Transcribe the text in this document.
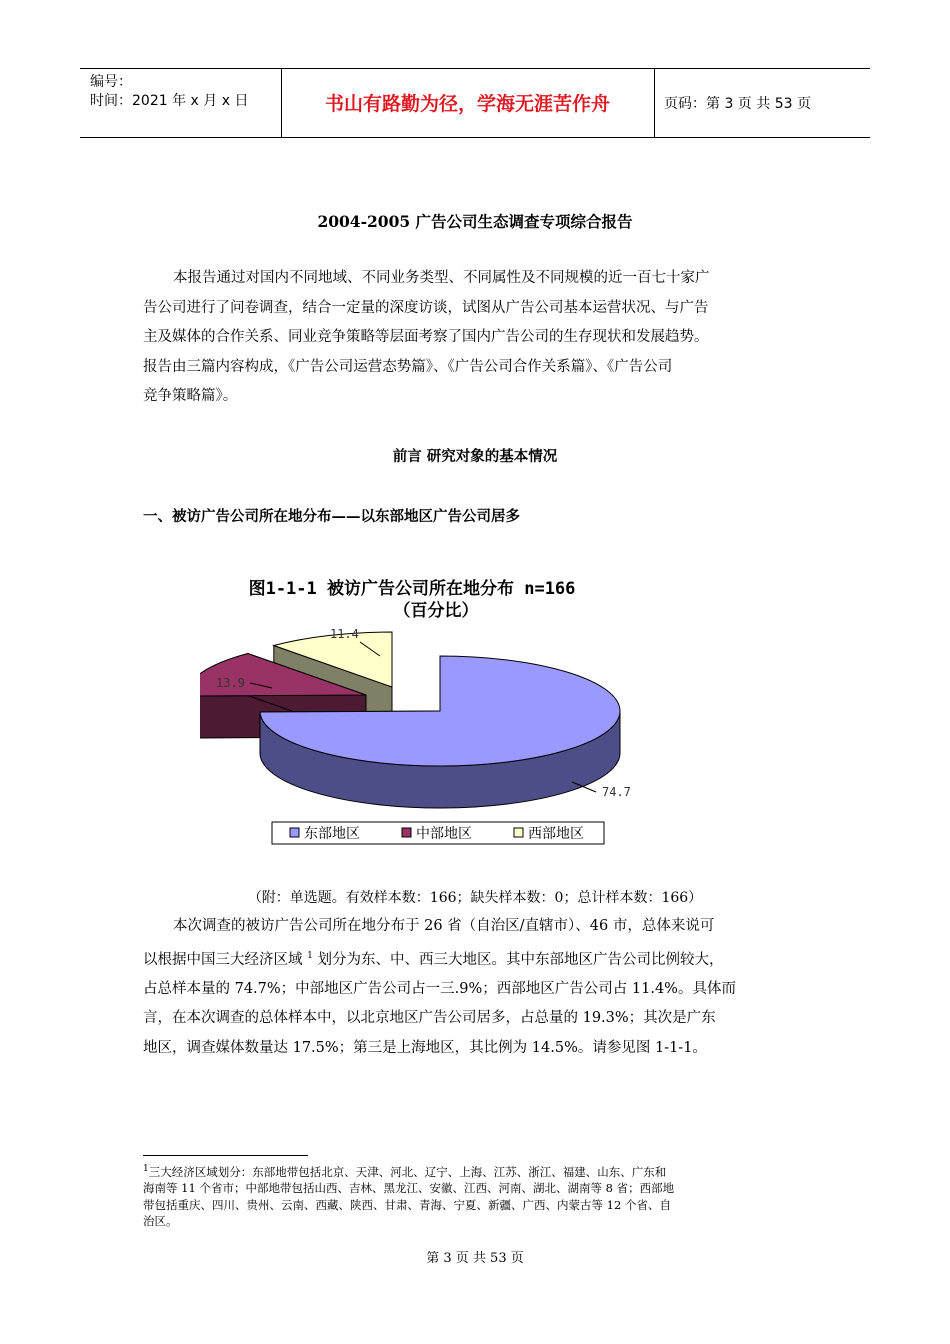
编号：
时间：2021 年 x 月 x 日	书山有路勤为径，学海无涯苦作舟	页码：第 3 页 共 53 页
2004-2005 广告公司生态调查专项综合报告
本报告通过对国内不同地域、不同业务类型、不同属性及不同规模的近一百七十家广
告公司进行了问卷调查，结合一定量的深度访谈，试图从广告公司基本运营状况、与广告
主及媒体的合作关系、同业竞争策略等层面考察了国内广告公司的生存现状和发展趋势。
报告由三篇内容构成，《广告公司运营态势篇》、《广告公司合作关系篇》、《广告公司
竞争策略篇》。
前言 研究对象的基本情况
一、被访广告公司所在地分布——以东部地区广告公司居多
图1-1-1 被访广告公司所在地分布 n=166
（百分比）
74.7
13.9
11.4
东部地区	中部地区	西部地区
（附：单选题。有效样本数：166；缺失样本数：0；总计样本数：166）
本次调查的被访广告公司所在地分布于 26 省（自治区/直辖市）、46 市，总体来说可
以根据中国三大经济区域 $^1$ 划分为东、中、西三大地区。其中东部地区广告公司比例较大，
占总样本量的 74.7%；中部地区广告公司占一三.9%；西部地区广告公司占 11.4%。具体而
言，在本次调查的总体样本中，以北京地区广告公司居多，占总量的 19.3%；其次是广东
地区，调查媒体数量达 17.5%；第三是上海地区，其比例为 14.5%。请参见图 1-1-1。
$^1$三大经济区域划分：东部地带包括北京、天津、河北、辽宁、上海、江苏、浙江、福建、山东、广东和
海南等 11 个省市；中部地带包括山西、吉林、黑龙江、安徽、江西、河南、湖北、湖南等 8 省；西部地
带包括重庆、四川、贵州、云南、西藏、陕西、甘肃、青海、宁夏、新疆、广西、内蒙古等 12 个省、自
治区。
第 3 页 共 53 页
